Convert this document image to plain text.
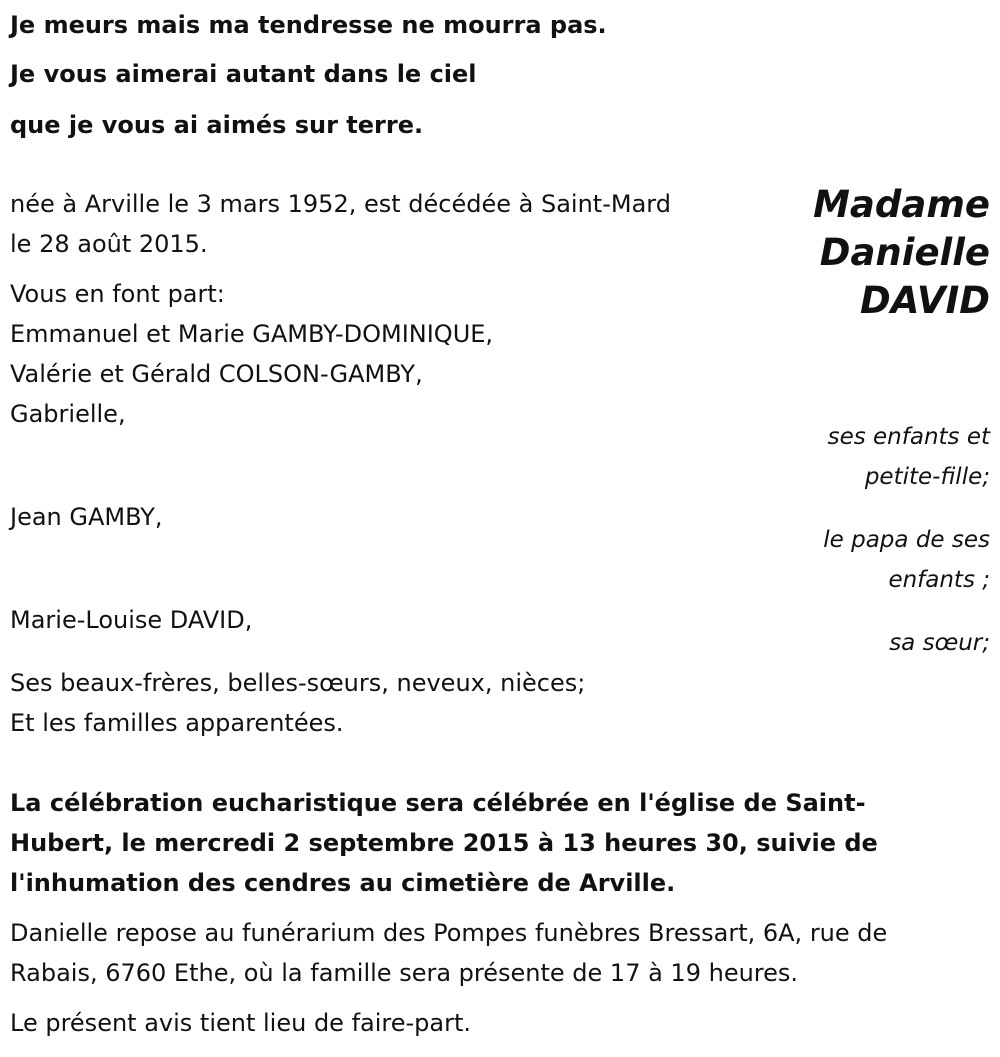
Je meurs mais ma tendresse ne mourra pas.
Je vous aimerai autant dans le ciel
que je vous ai aimés sur terre.
Madame
Danielle
DAVID
née à Arville le 3 mars 1952, est décédée à Saint-Mard
le 28 août 2015.
Vous en font part:
Emmanuel et Marie GAMBY-DOMINIQUE,
Valérie et Gérald COLSON-GAMBY,
Gabrielle,
ses enfants et
petite-fille;
Jean GAMBY,
le papa de ses
enfants ;
Marie-Louise DAVID,
sa sœur;
Ses beaux-frères, belles-sœurs, neveux, nièces;
Et les familles apparentées.
La célébration eucharistique sera célébrée en l'église de Saint-
Hubert, le mercredi 2 septembre 2015 à 13 heures 30, suivie de
l'inhumation des cendres au cimetière de Arville.
Danielle repose au funérarium des Pompes funèbres Bressart, 6A, rue de
Rabais, 6760 Ethe, où la famille sera présente de 17 à 19 heures.
Le présent avis tient lieu de faire-part.
